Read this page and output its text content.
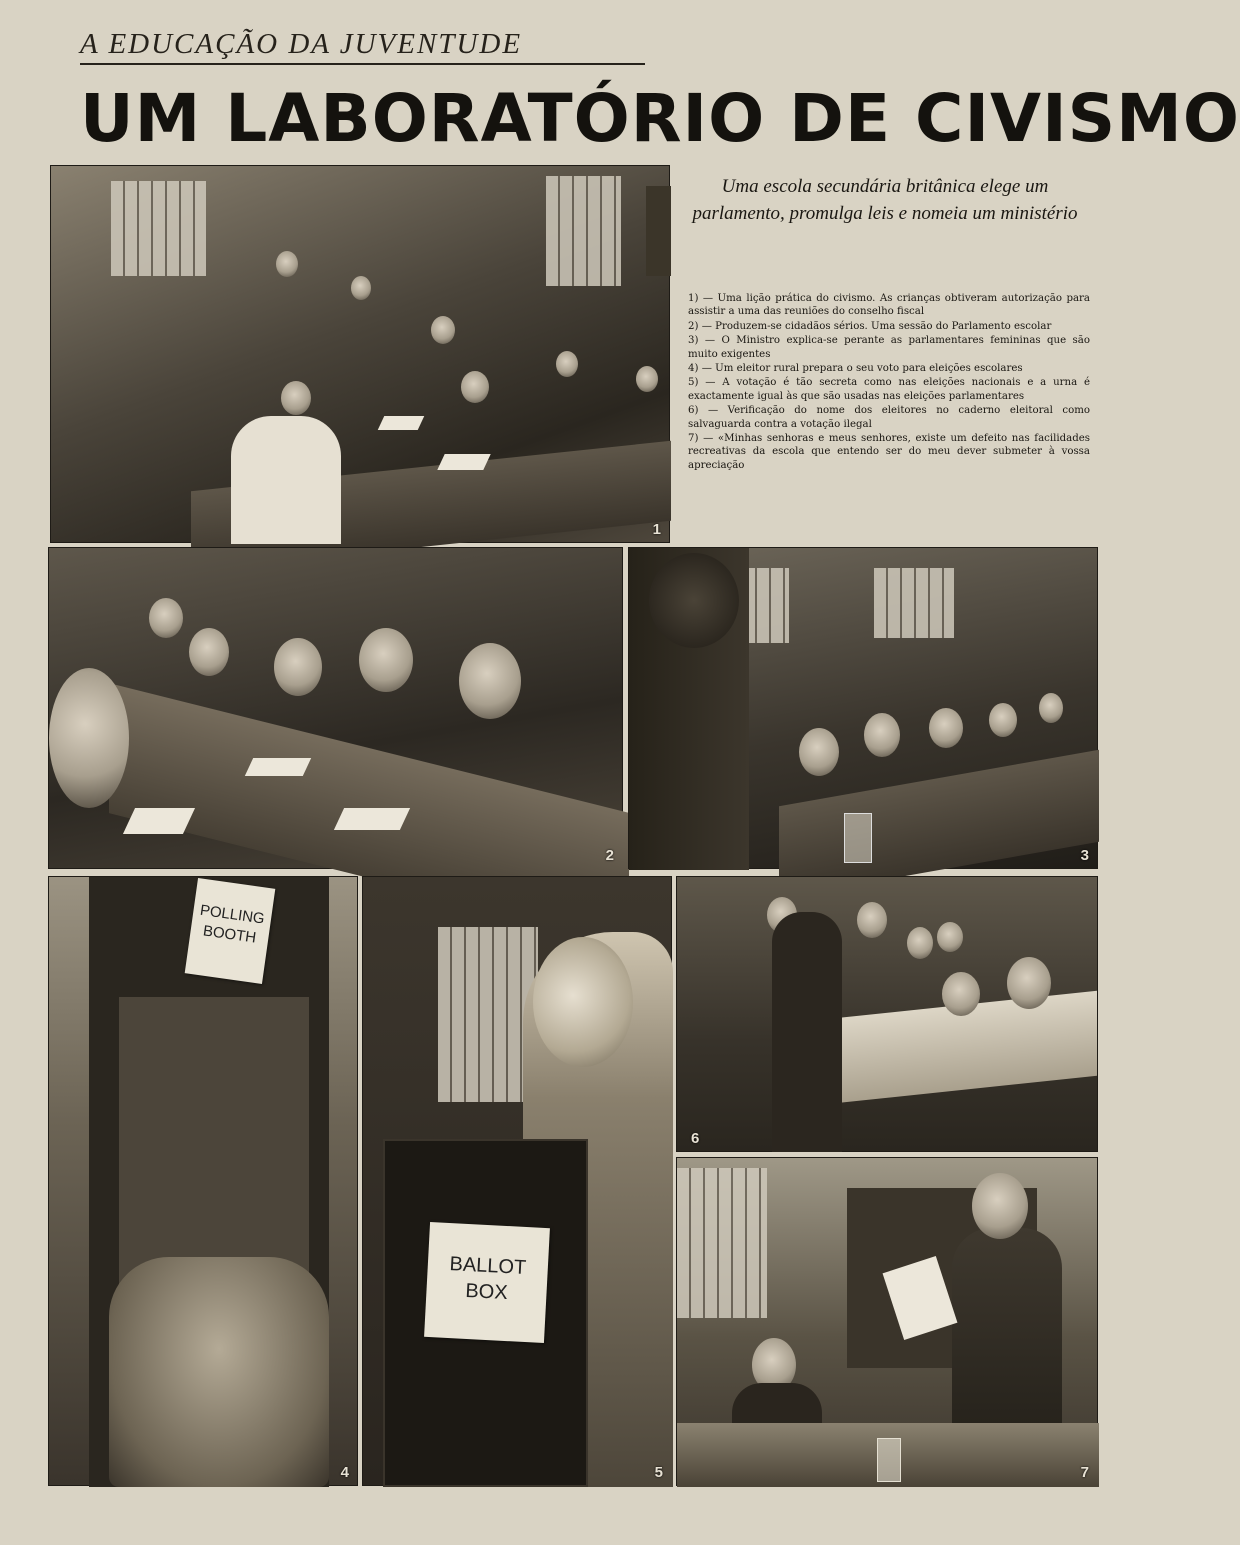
A EDUCAÇÃO DA JUVENTUDE
UM LABORATÓRIO DE CIVISMO
1
Uma escola secundária britânica elege um parlamento, promulga leis e nomeia um ministério

1) — Uma lição prática do civismo. As crianças obtiveram autorização para assistir a uma das reuniões do conselho fiscal

2) — Produzem-se cidadãos sérios. Uma sessão do Parlamento escolar

3) — O Ministro explica-se perante as parlamentares femininas que são muito exigentes

4) — Um eleitor rural prepara o seu voto para eleições escolares

5) — A votação é tão secreta como nas eleições nacionais e a urna é exactamente igual às que são usadas nas eleições parlamentares

6) — Verificação do nome dos eleitores no caderno eleitoral como salvaguarda contra a votação ilegal

7) — «Minhas senhoras e meus senhores, existe um defeito nas facilidades recreativas da escola que entendo ser do meu dever submeter à vossa apreciação

2	3
POLLING
BOOTH
4
BALLOT
BOX
5
6
7
